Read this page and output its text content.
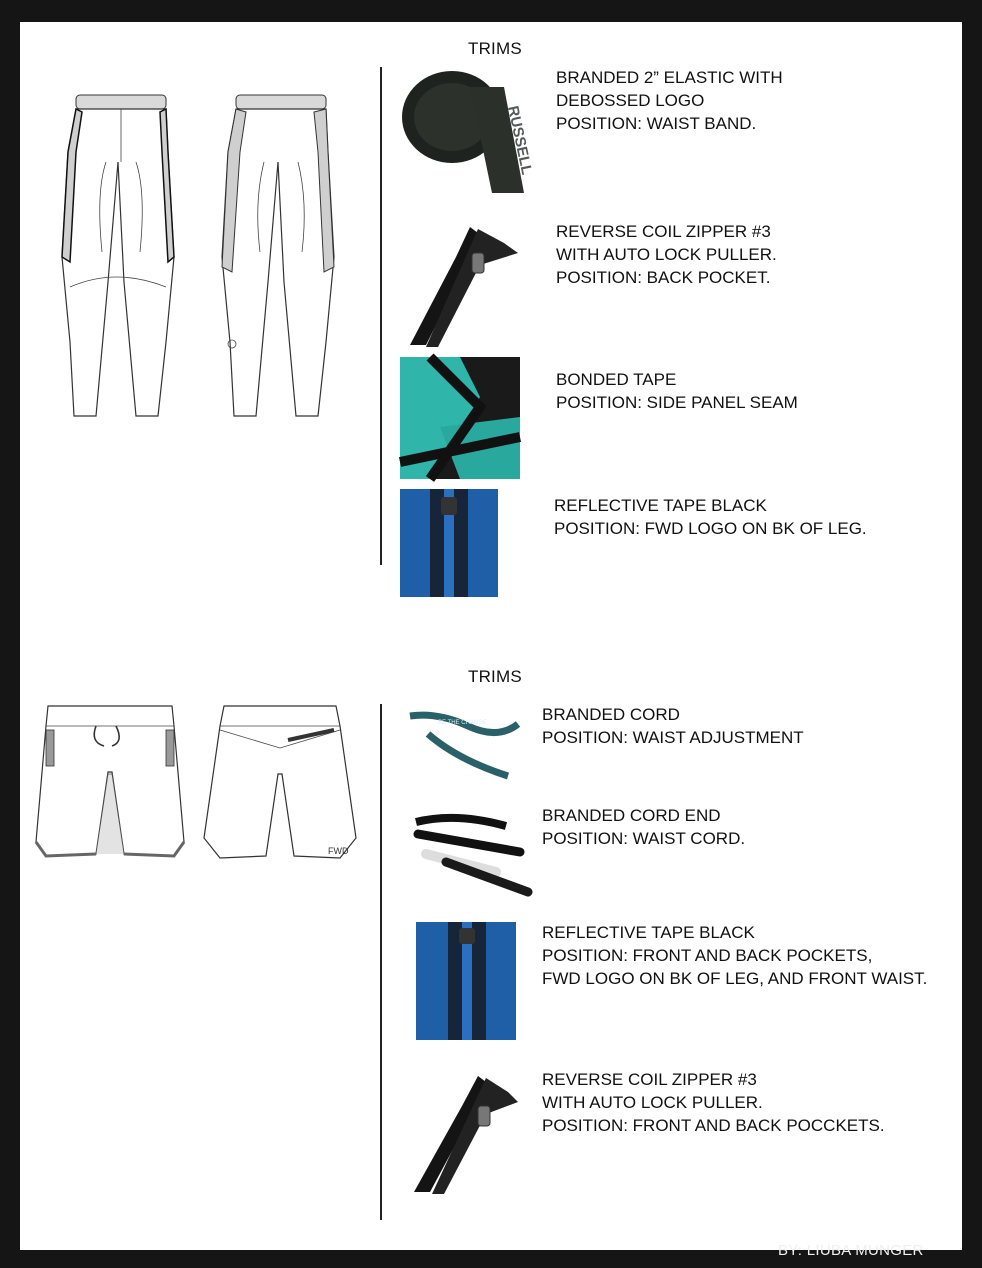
TRIMS
RUSSELL
BRANDED 2” ELASTIC WITH
DEBOSSED LOGO
POSITION: WAIST BAND.
REVERSE COIL ZIPPER #3
WITH AUTO LOCK PULLER.
POSITION: BACK POCKET.
BONDED TAPE
POSITION: SIDE PANEL SEAM
REFLECTIVE TAPE BLACK
POSITION: FWD LOGO ON BK OF LEG.
TRIMS
FWD
BE THE CHANGE	BRANDED CORD
POSITION: WAIST ADJUSTMENT
BRANDED CORD END
POSITION: WAIST CORD.
REFLECTIVE TAPE BLACK
POSITION: FRONT AND BACK POCKETS,
FWD LOGO ON BK OF LEG, AND FRONT WAIST.
REVERSE COIL ZIPPER #3
WITH AUTO LOCK PULLER.
POSITION: FRONT AND BACK POCCKETS.
BY: LIUBA MUNGER
